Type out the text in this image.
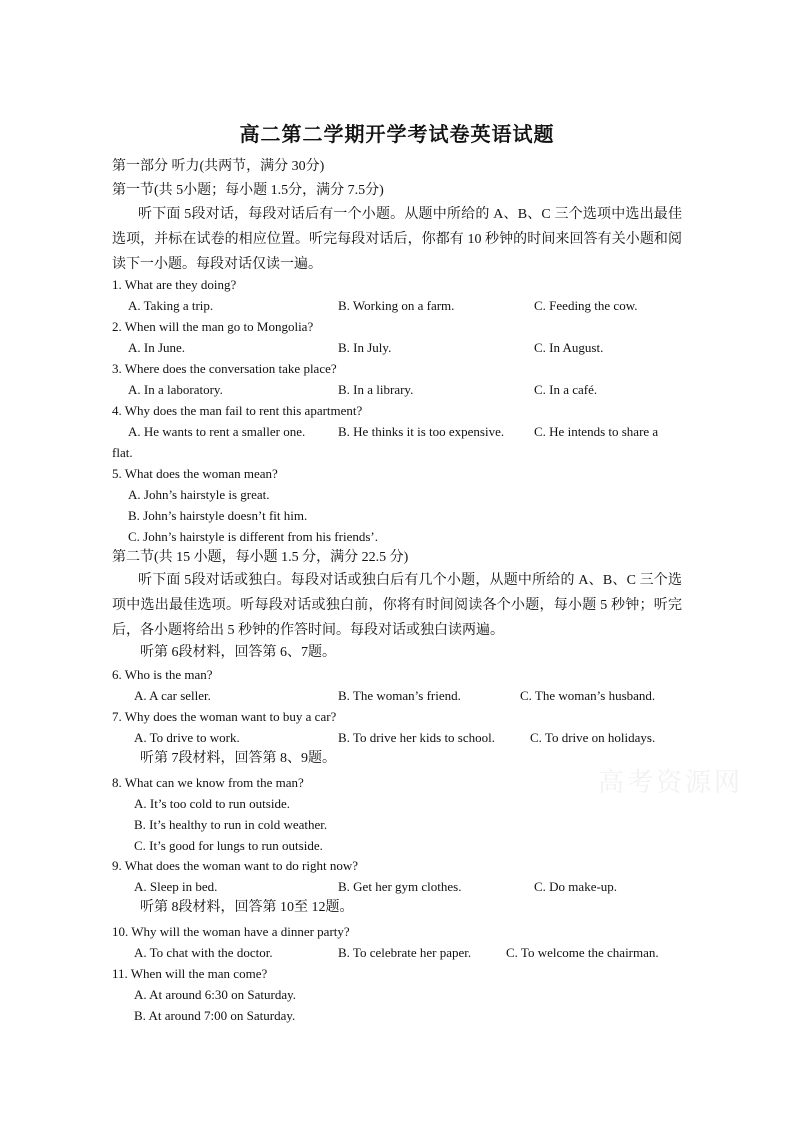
高二第二学期开学考试卷英语试题
第一部分 听力(共两节，满分 30分)
第一节(共 5小题；每小题 1.5分，满分 7.5分)
听下面 5段对话，每段对话后有一个小题。从题中所给的 A、B、C 三个选项中选出最佳选项，并标在试卷的相应位置。听完每段对话后，你都有 10 秒钟的时间来回答有关小题和阅读下一小题。每段对话仅读一遍。
1. What are they doing?
A. Taking a trip.	B. Working on a farm.	C. Feeding the cow.
2. When will the man go to Mongolia?
A. In June.	B. In July.	C. In August.
3. Where does the conversation take place?
A. In a laboratory.	B. In a library.	C. In a café.
4. Why does the man fail to rent this apartment?
A. He wants to rent a smaller one.	B. He thinks it is too expensive. C. He intends to share a
flat.
5. What does the woman mean?
A. John’s hairstyle is great.
B. John’s hairstyle doesn’t fit him.
C. John’s hairstyle is different from his friends’.
第二节(共 15 小题，每小题 1.5 分，满分 22.5 分)
听下面 5段对话或独白。每段对话或独白后有几个小题，从题中所给的 A、B、C 三个选项中选出最佳选项。听每段对话或独白前，你将有时间阅读各个小题，每小题 5 秒钟；听完后，各小题将给出 5 秒钟的作答时间。每段对话或独白读两遍。
听第 6段材料，回答第 6、7题。
6. Who is the man?
A. A car seller.	B. The woman’s friend.	C. The woman’s husband.
7. Why does the woman want to buy a car?
A. To drive to work.	B. To drive her kids to school.	C. To drive on holidays.
听第 7段材料，回答第 8、9题。
8. What can we know from the man?
A. It’s too cold to run outside.
B. It’s healthy to run in cold weather.
C. It’s good for lungs to run outside.
9. What does the woman want to do right now?
A. Sleep in bed.	B. Get her gym clothes.	C. Do make-up.
听第 8段材料，回答第 10至 12题。
10. Why will the woman have a dinner party?
A. To chat with the doctor.	B. To celebrate her paper.	C. To welcome the chairman.
11. When will the man come?
A. At around 6:30 on Saturday.
B. At around 7:00 on Saturday.
高考资源网
